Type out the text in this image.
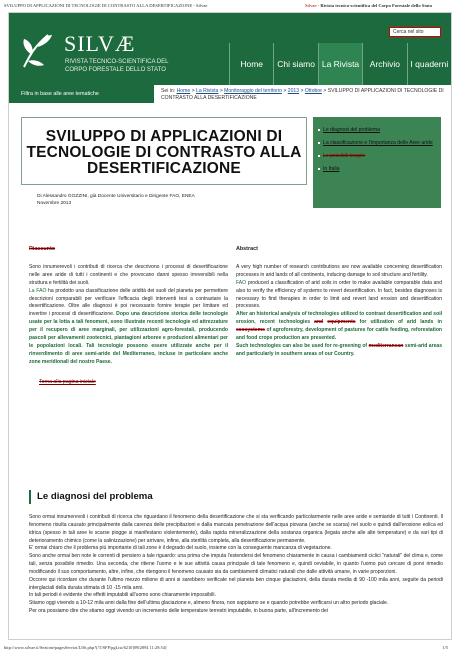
SVILUPPO DI APPLICAZIONI DI TECNOLOGIE DI CONTRASTO ALLA DESERTIFICAZIONE - Silvae	Silvae - Rivista tecnico-scientifica del Corpo Forestale dello Stato
SILVÆ
RIVISTA TECNICO-SCIENTIFICA DEL
CORPO FORESTALE DELLO STATO
Cerca nel sito
Home	Chi siamo La Rivista	Archivio	I quaderni
Filtra in base alle aree tematiche	Sei in: Home > La Rivista > Monitoraggio del territorio > 2013 > Ottobre > SVILUPPO DI APPLICAZIONI DI TECNOLOGIE DI CONTRASTO ALLA DESERTIFICAZIONE
SVILUPPO DI APPLICAZIONI DI TECNOLOGIE DI CONTRASTO ALLA DESERTIFICAZIONE
Le diagnosi del problema
La classificazione e l'importanza delle Aree aride
Le possibili terapie
In Italia
Di Alessandro GOZZINI, già Docente Universitario e Dirigente FAO, ENEA
Novembre 2013
Riassunto

Sono innumerevoli i contributi di ricerca che descrivono i processi di desertificazione nelle aree aride di tutti i continenti e che provocano danni spesso irreversibili nella struttura e fertilità dei suoli.

La FAO ha prodotto una classificazione delle aridità dei suoli del pianeta per permettere descrizioni comparabili per verificare l'efficacia degli interventi tesi a contrastare la desertificazione. Oltre alle diagnosi è poi necessario fornire terapie per limitare ed invertire i processi di desertificazione. Dopo una descrizione storica delle tecnologie usate per la lotta a tali fenomeni, sono illustrate recenti tecnologie ed attrezzature per il recupero di aree marginali, per utilizzazioni agro-forestali, producendo pascoli per allevamenti zootecnici, piantagioni arboree e produzioni alimentari per le popolazioni locali. Tali tecnologie possono essere utilizzate anche per il rinverdimento di aree semi-aride del Mediterraneo, incluse in particolare anche zone meridionali del nostro Paese.

Torna alla pagina iniziale
Abstract

A very high number of research contributions are now available concerning desertification processes in arid lands of all continents, inducing damage to soil structure and fertility.

FAO produced a classification of arid soils in order to make available comparable data and also to verify the efficiency of systems to revert desertification. In fact, besides diagnoses is necessary to find therapies in order to limit and revert land erosion and desertification processes.

After an historical analysis of technologies utilized to contrast desertification and soil erosion, recent technologies and equipments for utilization of arid lands in ecosystems of agroforestry, development of pastures for cattle feeding, reforestation and food crops production are presented.

Such technologies can also be used for re-greening of mediterranean semi-arid areas and particularly in southern areas of our Country.

Le diagnosi del problema

Sono ormai innumerevoli i contributi di ricerca che riguardano il fenomeno della desertificazione che si sta verificando particolarmente nelle aree aride e semiaride di tutti i Continenti. Il fenomeno risulta causato principalmente dalla carenza delle precipitazioni e dalla mancata penetrazione dell'acqua piovana (anche se scarsa) nel suolo e quindi dall'erosione eolica ed idrica (spesso in tali aree le scarse piogge si manifestano violentemente), dalla rapida mineralizzazione della sostanza organica (legata anche alle alte temperature) e da vari tipi di deterioramento chimico (come la salinizzazione) per arrivare, infine, alla sterilità completa, alla desertificazione permanente.

E' ormai chiaro che il problema più importante di tali zone è il degrado del suolo, insieme con la conseguente mancanza di vegetazione.

Sono anche ormai ben note le correnti di pensiero a tale riguardo: una prima che imputa l'estendersi del fenomeno chiaramente in causa i cambiamenti ciclici "naturali" del clima e, come tali, senza possibile rimedio. Una seconda, che ritiene l'uomo e le sue attività causa principale di tale fenomeno e, quindi ovviabile, in quanto l'uomo può cercare di porvi rimedio modificando il suo comportamento, altre, infine, che ritengono il fenomeno causato sia da cambiamenti climatici naturali che dalle attività umane, in varie proporzioni.

Occorre qui ricordare che durante l'ultimo mezzo milione di anni si sarebbero verificate nel pianeta ben cinque glaciazioni, della durata media di 90 -100 mila anni, seguite da periodi interglaciali della durata stimata di 10 -15 mila anni.

In tali periodi è evidente che effetti imputabili all'uomo sono chiaramente impossibili.

Stiamo oggi vivendo a 10-12 mila anni dalla fine dell'ultima glaciazione e, almeno finora, non sappiamo se e quando potrebbe verificarsi un altro periodo glaciale.

Per ora possiamo dire che stiamo oggi vivendo un incremento delle temperature terrestri imputabile, in buona parte, all'incremento dei

http://www.silvae.it/Sezione/pagesServizi/LISt.php?(/T/SFP/pgList/6210]09f2894 11:28:54]	1/5
